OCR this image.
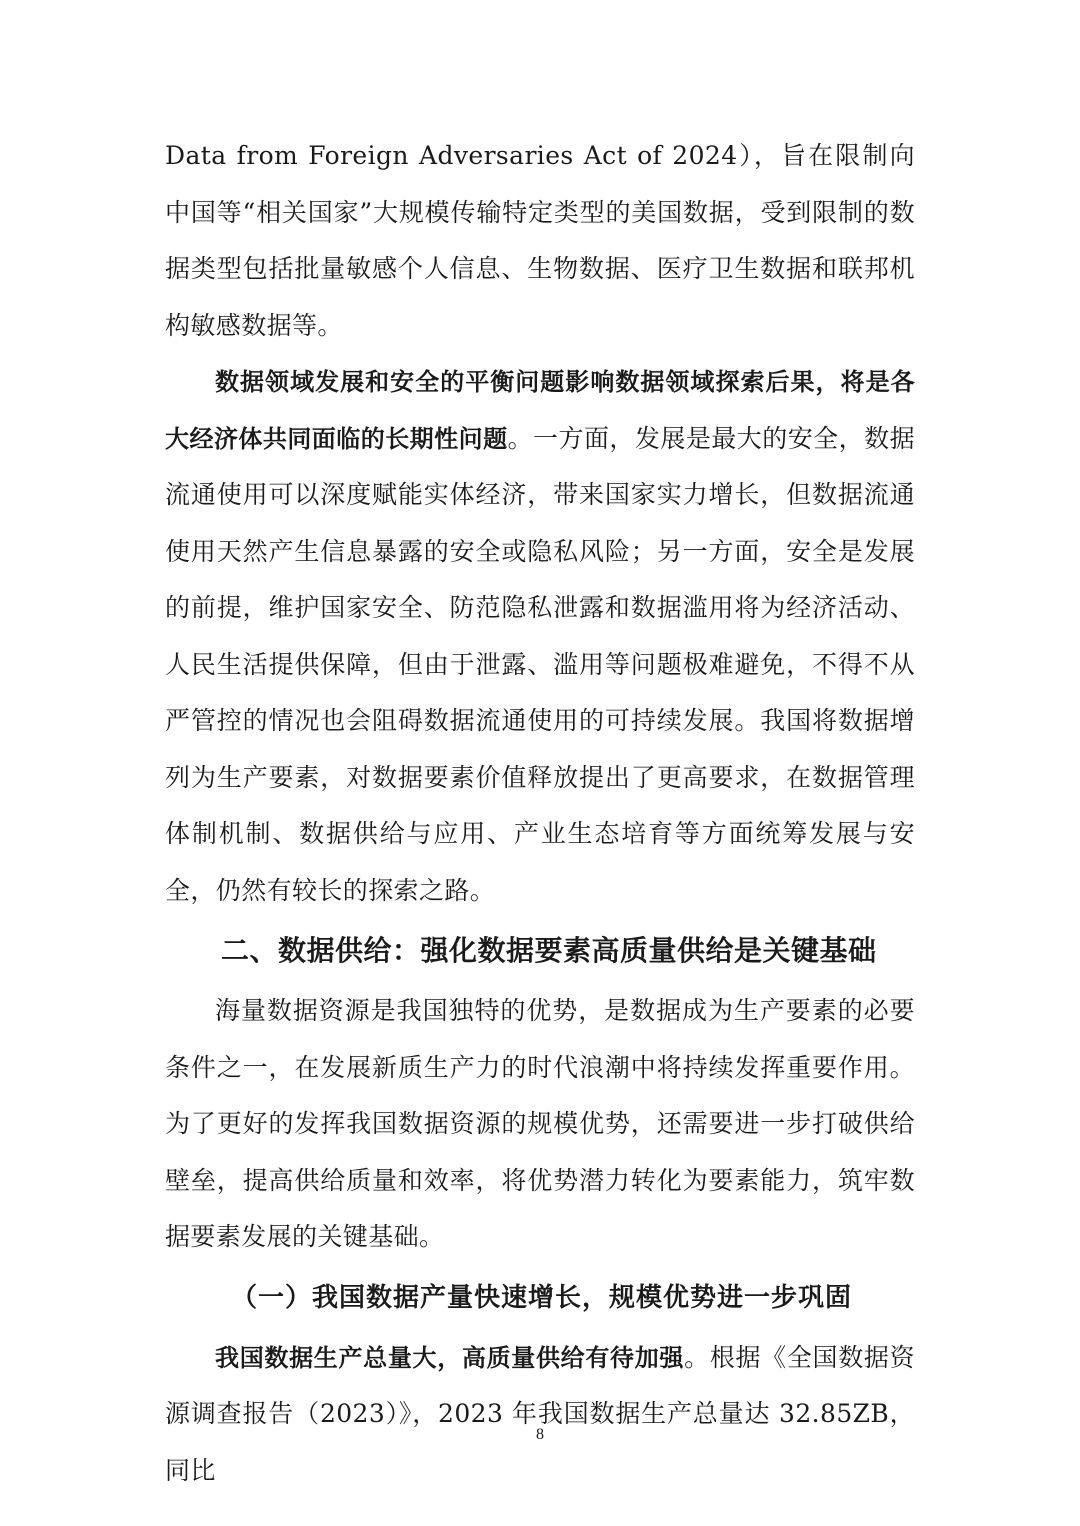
Data from Foreign Adversaries Act of 2024），旨在限制向中国等“相关国家”大规模传输特定类型的美国数据，受到限制的数据类型包括批量敏感个人信息、生物数据、医疗卫生数据和联邦机构敏感数据等。

数据领域发展和安全的平衡问题影响数据领域探索后果，将是各大经济体共同面临的长期性问题。一方面，发展是最大的安全，数据流通使用可以深度赋能实体经济，带来国家实力增长，但数据流通使用天然产生信息暴露的安全或隐私风险；另一方面，安全是发展的前提，维护国家安全、防范隐私泄露和数据滥用将为经济活动、人民生活提供保障，但由于泄露、滥用等问题极难避免，不得不从严管控的情况也会阻碍数据流通使用的可持续发展。我国将数据增列为生产要素，对数据要素价值释放提出了更高要求，在数据管理体制机制、数据供给与应用、产业生态培育等方面统筹发展与安全，仍然有较长的探索之路。

二、数据供给：强化数据要素高质量供给是关键基础

海量数据资源是我国独特的优势，是数据成为生产要素的必要条件之一，在发展新质生产力的时代浪潮中将持续发挥重要作用。为了更好的发挥我国数据资源的规模优势，还需要进一步打破供给壁垒，提高供给质量和效率，将优势潜力转化为要素能力，筑牢数据要素发展的关键基础。

（一）我国数据产量快速增长，规模优势进一步巩固

我国数据生产总量大，高质量供给有待加强。根据《全国数据资源调查报告（2023）》，2023 年我国数据生产总量达 32.85ZB，同比

8
